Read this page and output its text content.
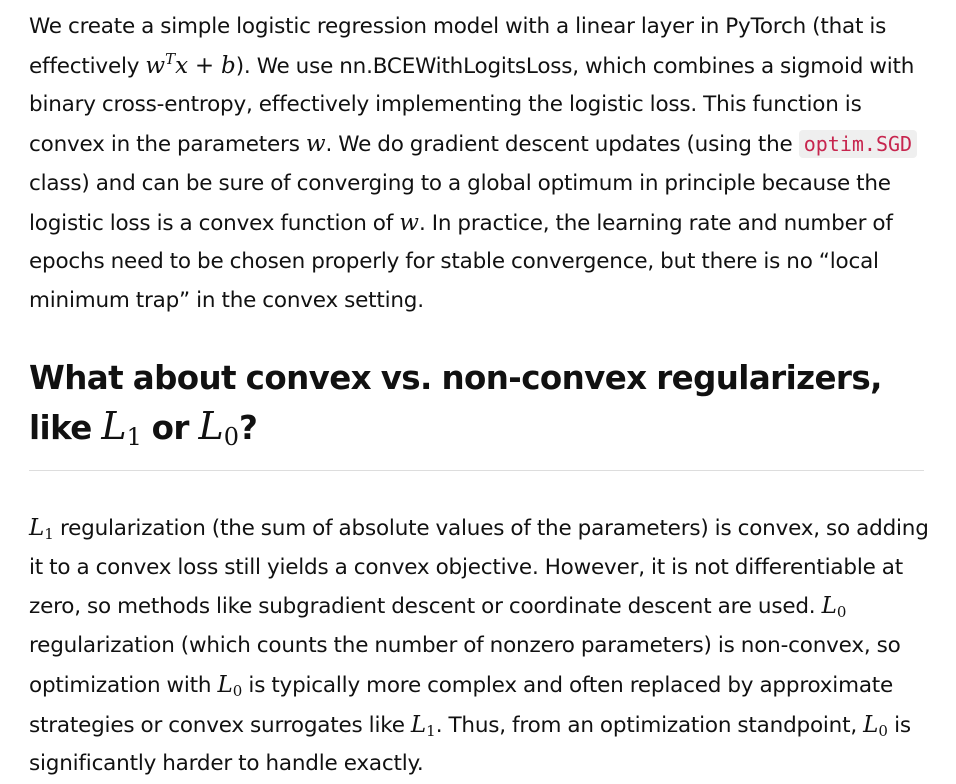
We create a simple logistic regression model with a linear layer in PyTorch (that is effectively $w^Tx + b$). We use nn.BCEWithLogitsLoss, which combines a sigmoid with binary cross-entropy, effectively implementing the logistic loss. This function is convex in the parameters w. We do gradient descent updates (using the optim.SGD class) and can be sure of converging to a global optimum in principle because the logistic loss is a convex function of w. In practice, the learning rate and number of epochs need to be chosen properly for stable convergence, but there is no “local minimum trap” in the convex setting.

What about convex vs. non-convex regularizers, like $L_1$ or $L_0$?

$L_1$ regularization (the sum of absolute values of the parameters) is convex, so adding it to a convex loss still yields a convex objective. However, it is not differentiable at zero, so methods like subgradient descent or coordinate descent are used. $L_0$ regularization (which counts the number of nonzero parameters) is non-convex, so optimization with $L_0$ is typically more complex and often replaced by approximate strategies or convex surrogates like $L_1$. Thus, from an optimization standpoint, $L_0$ is significantly harder to handle exactly.
